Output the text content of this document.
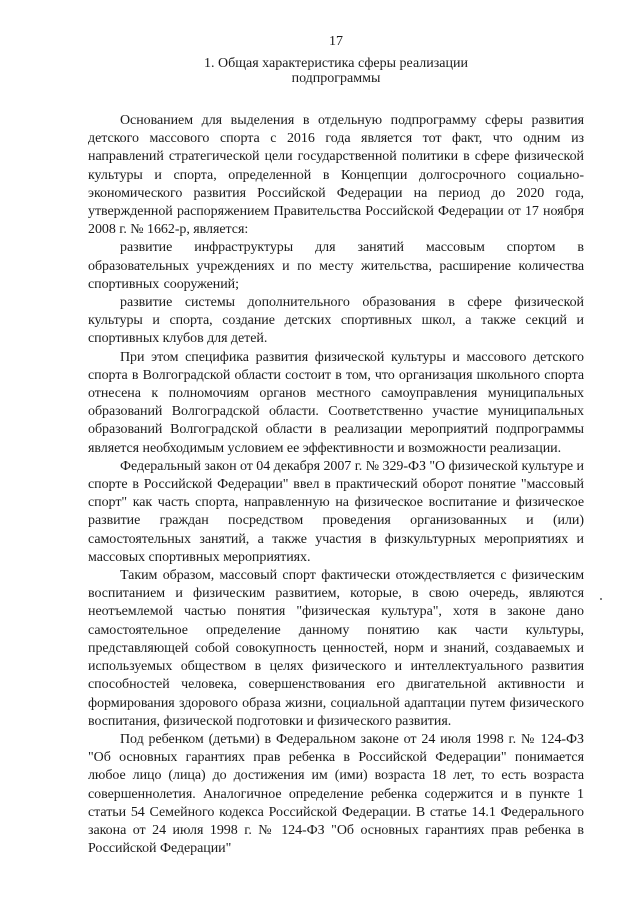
17
1. Общая характеристика сферы реализации
подпрограммы

Основанием для выделения в отдельную подпрограмму сферы развития детского массового спорта с 2016 года является тот факт, что одним из направлений стратегической цели государственной политики в сфере физической культуры и спорта, определенной в Концепции долгосрочного социально-экономического развития Российской Федерации на период до 2020 года, утвержденной распоряжением Правительства Российской Федерации от 17 ноября 2008 г. № 1662-р, является:

развитие инфраструктуры для занятий массовым спортом в образовательных учреждениях и по месту жительства, расширение количества спортивных сооружений;

развитие системы дополнительного образования в сфере физической культуры и спорта, создание детских спортивных школ, а также секций и спортивных клубов для детей.

При этом специфика развития физической культуры и массового детского спорта в Волгоградской области состоит в том, что организация школьного спорта отнесена к полномочиям органов местного самоуправления муниципальных образований Волгоградской области. Соответственно участие муниципальных образований Волгоградской области в реализации мероприятий подпрограммы является необходимым условием ее эффективности и возможности реализации.

Федеральный закон от 04 декабря 2007 г. № 329-ФЗ "О физической культуре и спорте в Российской Федерации" ввел в практический оборот понятие "массовый спорт" как часть спорта, направленную на физическое воспитание и физическое развитие граждан посредством проведения организованных и (или) самостоятельных занятий, а также участия в физкультурных мероприятиях и массовых спортивных мероприятиях.

Таким образом, массовый спорт фактически отождествляется с физическим воспитанием и физическим развитием, которые, в свою очередь, являются неотъемлемой частью понятия "физическая культура", хотя в законе дано самостоятельное определение данному понятию как части культуры, представляющей собой совокупность ценностей, норм и знаний, создаваемых и используемых обществом в целях физического и интеллектуального развития способностей человека, совершенствования его двигательной активности и формирования здорового образа жизни, социальной адаптации путем физического воспитания, физической подготовки и физического развития.

Под ребенком (детьми) в Федеральном законе от 24 июля 1998 г. № 124-ФЗ "Об основных гарантиях прав ребенка в Российской Федерации" понимается любое лицо (лица) до достижения им (ими) возраста 18 лет, то есть возраста совершеннолетия. Аналогичное определение ребенка содержится и в пункте 1 статьи 54 Семейного кодекса Российской Федерации. В статье 14.1 Федерального закона от 24 июля 1998 г. № 124-ФЗ "Об основных гарантиях прав ребенка в Российской Федерации"
